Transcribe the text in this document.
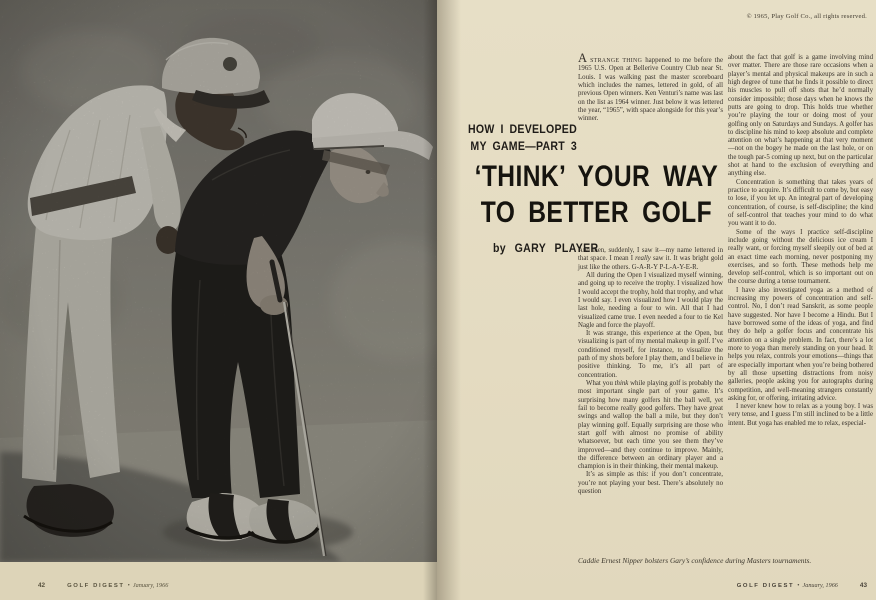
42	GOLF DIGEST • January, 1966
© 1965, Play Golf Co., all rights reserved.
HOW I DEVELOPED
MY GAME—PART 3
‘THINK’ YOUR WAY
TO BETTER GOLF
by GARY PLAYER

A STRANGE THING happened to me before the 1965 U.S. Open at Bellerive Country Club near St. Louis. I was walking past the master scoreboard which includes the names, lettered in gold, of all previous Open winners. Ken Venturi’s name was last on the list as 1964 winner. Just below it was lettered the year, “1965”, with space alongside for this year’s winner.

And then, suddenly, I saw it—my name lettered in that space. I mean I really saw it. It was bright gold just like the others. G-A-R-Y P-L-A-Y-E-R.

All during the Open I visualized myself winning, and going up to receive the trophy. I visualized how I would accept the trophy, hold that trophy, and what I would say. I even visualized how I would play the last hole, needing a four to win. All that I had visualized came true. I even needed a four to tie Kel Nagle and force the playoff.

It was strange, this experience at the Open, but visualizing is part of my mental makeup in golf. I’ve conditioned myself, for instance, to visualize the path of my shots before I play them, and I believe in positive thinking. To me, it’s all part of concentration.

What you think while playing golf is probably the most important single part of your game. It’s surprising how many golfers hit the ball well, yet fail to become really good golfers. They have great swings and wallop the ball a mile, but they don’t play winning golf. Equally surprising are those who start golf with almost no promise of ability whatsoever, but each time you see them they’ve improved—and they continue to improve. Mainly, the difference between an ordinary player and a champion is in their thinking, their mental makeup.

It’s as simple as this: if you don’t concentrate, you’re not playing your best. There’s absolutely no question

about the fact that golf is a game involving mind over matter. There are those rare occasions when a player’s mental and physical makeups are in such a high degree of tune that he finds it possible to direct his muscles to pull off shots that he’d normally consider impossible; those days when he knows the putts are going to drop. This holds true whether you’re playing the tour or doing most of your golfing only on Saturdays and Sundays. A golfer has to discipline his mind to keep absolute and complete attention on what’s happening at that very moment—not on the bogey he made on the last hole, or on the tough par-5 coming up next, but on the particular shot at hand to the exclusion of everything and anything else.

Concentration is something that takes years of practice to acquire. It’s difficult to come by, but easy to lose, if you let up. An integral part of developing concentration, of course, is self-discipline; the kind of self-control that teaches your mind to do what you want it to do.

Some of the ways I practice self-discipline include going without the delicious ice cream I really want, or forcing myself sleepily out of bed at an exact time each morning, never postponing my exercises, and so forth. These methods help me develop self-control, which is so important out on the course during a tense tournament.

I have also investigated yoga as a method of increasing my powers of concentration and self-control. No, I don’t read Sanskrit, as some people have suggested. Nor have I become a Hindu. But I have borrowed some of the ideas of yoga, and find they do help a golfer focus and concentrate his attention on a single problem. In fact, there’s a lot more to yoga than merely standing on your head. It helps you relax, controls your emotions—things that are especially important when you’re being bothered by all those upsetting distractions from noisy galleries, people asking you for autographs during competition, and well-meaning strangers constantly asking for, or offering, irritating advice.

I never knew how to relax as a young boy. I was very tense, and I guess I’m still inclined to be a little intent. But yoga has enabled me to relax, especial-

Caddie Ernest Nipper bolsters Gary’s confidence during Masters tournaments.
GOLF DIGEST • January, 1966	43
